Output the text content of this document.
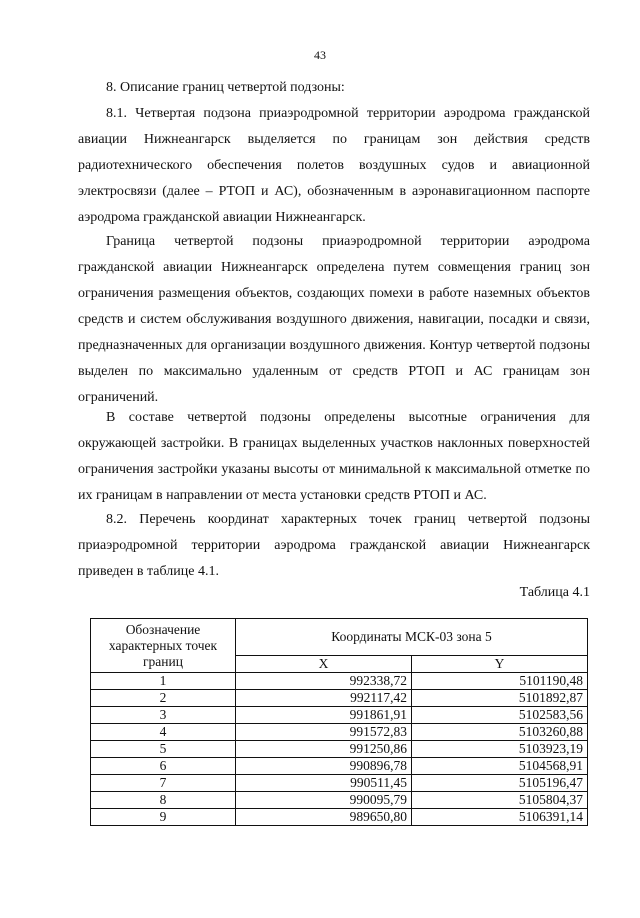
43

8. Описание границ четвертой подзоны:

8.1. Четвертая подзона приаэродромной территории аэродрома гражданской авиации Нижнеангарск выделяется по границам зон действия средств радиотехнического обеспечения полетов воздушных судов и авиационной электросвязи (далее – РТОП и АС), обозначенным в аэронавигационном паспорте аэродрома гражданской авиации Нижнеангарск.

Граница четвертой подзоны приаэродромной территории аэродрома гражданской авиации Нижнеангарск определена путем совмещения границ зон ограничения размещения объектов, создающих помехи в работе наземных объектов средств и систем обслуживания воздушного движения, навигации, посадки и связи, предназначенных для организации воздушного движения. Контур четвертой подзоны выделен по максимально удаленным от средств РТОП и АС границам зон ограничений.

В составе четвертой подзоны определены высотные ограничения для окружающей застройки. В границах выделенных участков наклонных поверхностей ограничения застройки указаны высоты от минимальной к максимальной отметке по их границам в направлении от места установки средств РТОП и АС.

8.2. Перечень координат характерных точек границ четвертой подзоны приаэродромной территории аэродрома гражданской авиации Нижнеангарск приведен в таблице 4.1.

Таблица 4.1
Обозначение характерных точек границ	Координаты МСК-03 зона 5	
	X	Y
1	992338,72	5101190,48
2	992117,42	5101892,87
3	991861,91	5102583,56
4	991572,83	5103260,88
5	991250,86	5103923,19
6	990896,78	5104568,91
7	990511,45	5105196,47
8	990095,79	5105804,37
9	989650,80	5106391,14
